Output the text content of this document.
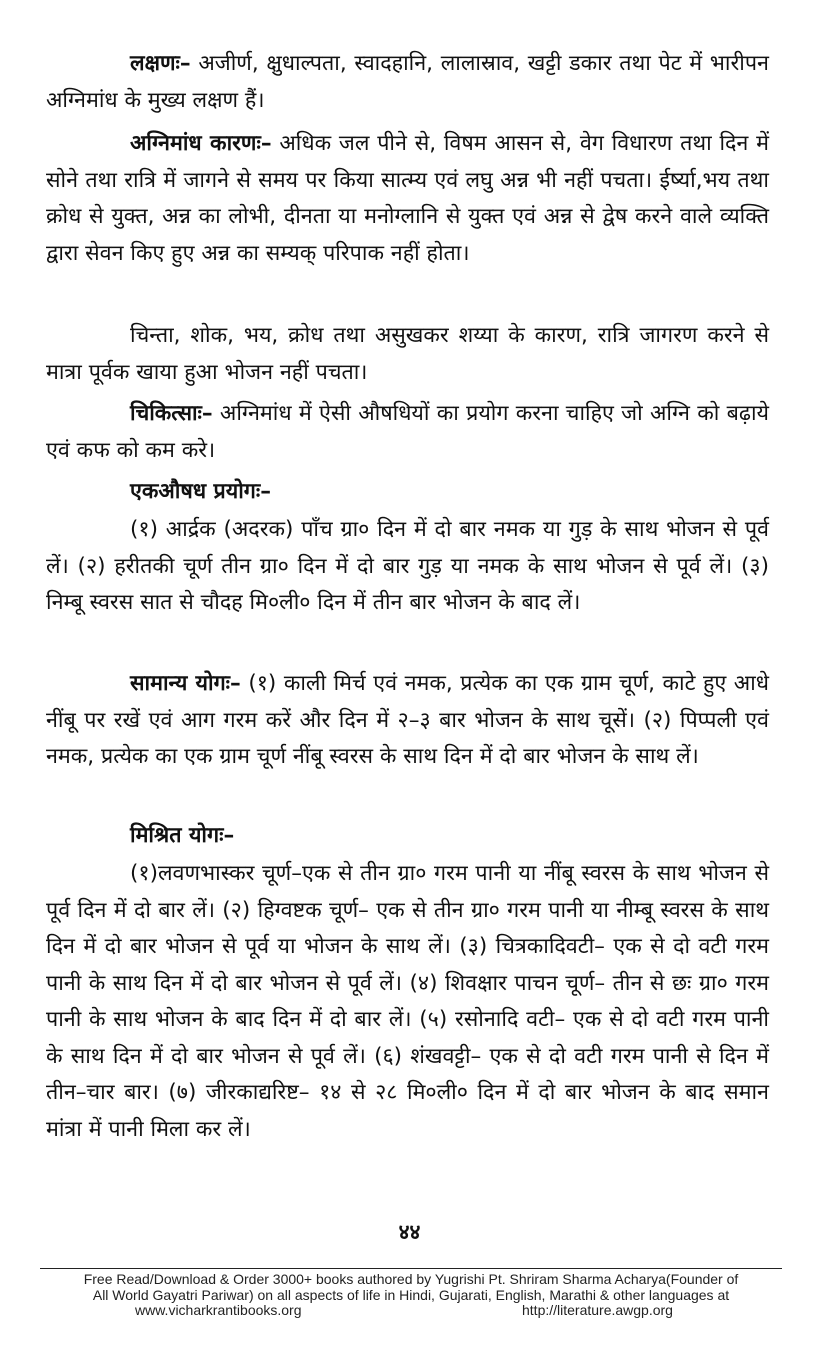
लक्षणः– अजीर्ण, क्षुधाल्पता, स्वादहानि, लालास्राव, खट्टी डकार तथा पेट में भारीपन अग्निमांध के मुख्य लक्षण हैं।

अग्निमांध कारणः– अधिक जल पीने से, विषम आसन से, वेग विधारण तथा दिन में सोने तथा रात्रि में जागने से समय पर किया सात्म्य एवं लघु अन्न भी नहीं पचता। ईर्ष्या,भय तथा क्रोध से युक्त, अन्न का लोभी, दीनता या मनोग्लानि से युक्त एवं अन्न से द्वेष करने वाले व्यक्ति द्वारा सेवन किए हुए अन्न का सम्यक् परिपाक नहीं होता।

चिन्ता, शोक, भय, क्रोध तथा असुखकर शय्या के कारण, रात्रि जागरण करने से मात्रा पूर्वक खाया हुआ भोजन नहीं पचता।

चिकित्साः– अग्निमांध में ऐसी औषधियों का प्रयोग करना चाहिए जो अग्नि को बढ़ाये एवं कफ को कम करे।

एकऔषध प्रयोगः–

(१) आर्द्रक (अदरक) पाँच ग्रा० दिन में दो बार नमक या गुड़ के साथ भोजन से पूर्व लें। (२) हरीतकी चूर्ण तीन ग्रा० दिन में दो बार गुड़ या नमक के साथ भोजन से पूर्व लें। (३) निम्बू स्वरस सात से चौदह मि०ली० दिन में तीन बार भोजन के बाद लें।

सामान्य योगः– (१) काली मिर्च एवं नमक, प्रत्येक का एक ग्राम चूर्ण, काटे हुए आधे नींबू पर रखें एवं आग गरम करें और दिन में २–३ बार भोजन के साथ चूसें। (२) पिप्पली एवं नमक, प्रत्येक का एक ग्राम चूर्ण नींबू स्वरस के साथ दिन में दो बार भोजन के साथ लें।

मिश्रित योगः–

(१)लवणभास्कर चूर्ण–एक से तीन ग्रा० गरम पानी या नींबू स्वरस के साथ भोजन से पूर्व दिन में दो बार लें। (२) हिग्वष्टक चूर्ण– एक से तीन ग्रा० गरम पानी या नीम्बू स्वरस के साथ दिन में दो बार भोजन से पूर्व या भोजन के साथ लें। (३) चित्रकादिवटी– एक से दो वटी गरम पानी के साथ दिन में दो बार भोजन से पूर्व लें। (४) शिवक्षार पाचन चूर्ण– तीन से छः ग्रा० गरम पानी के साथ भोजन के बाद दिन में दो बार लें। (५) रसोनादि वटी– एक से दो वटी गरम पानी के साथ दिन में दो बार भोजन से पूर्व लें। (६) शंखवट्टी– एक से दो वटी गरम पानी से दिन में तीन–चार बार। (७) जीरकाद्यरिष्ट– १४ से २८ मि०ली० दिन में दो बार भोजन के बाद समान मांत्रा में पानी मिला कर लें।

४४
Free Read/Download & Order 3000+ books authored by Yugrishi Pt. Shriram Sharma Acharya(Founder of
All World Gayatri Pariwar) on all aspects of life in Hindi, Gujarati, English, Marathi & other languages at
www.vicharkrantibooks.org	http://literature.awgp.org
